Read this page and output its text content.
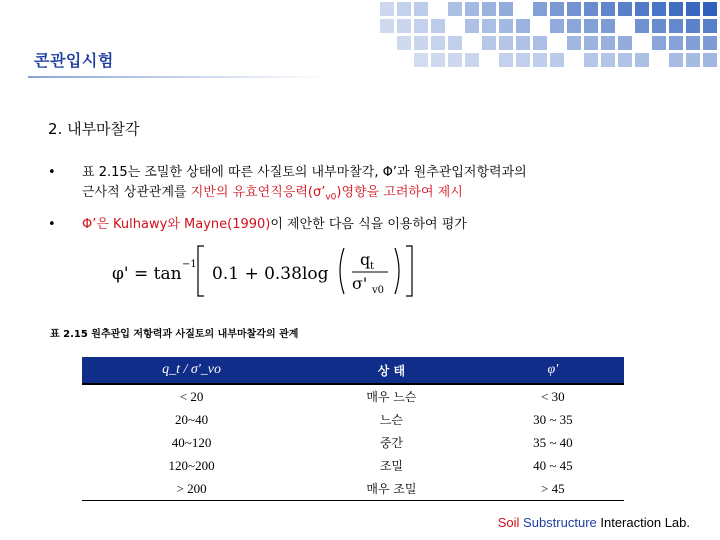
콘관입시험
2. 내부마찰각
• 표 2.15는 조밀한 상태에 따른 사질토의 내부마찰각, Φ’과 원추관입저항력과의
근사적 상관관계를 지반의 유효연직응력$(\sigma’_{v0})$영향을 고려하여 제시
• Φ’은 Kulhawy와 Mayne(1990)이 제안한 다음 식을 이용하여 평가
φ' = tan −1 0.1 + 0.38log
q t
σ' v0
표 2.15 원추관입 저항력과 사질토의 내부마찰각의 관계
q_t / σ'_vo	상 태	φ'
< 20	매우 느슨	< 30
20~40	느슨	30 ~ 35
40~120	중간	35 ~ 40
120~200	조밀	40 ~ 45
> 200	매우 조밀	> 45
Soil Substructure Interaction Lab.
